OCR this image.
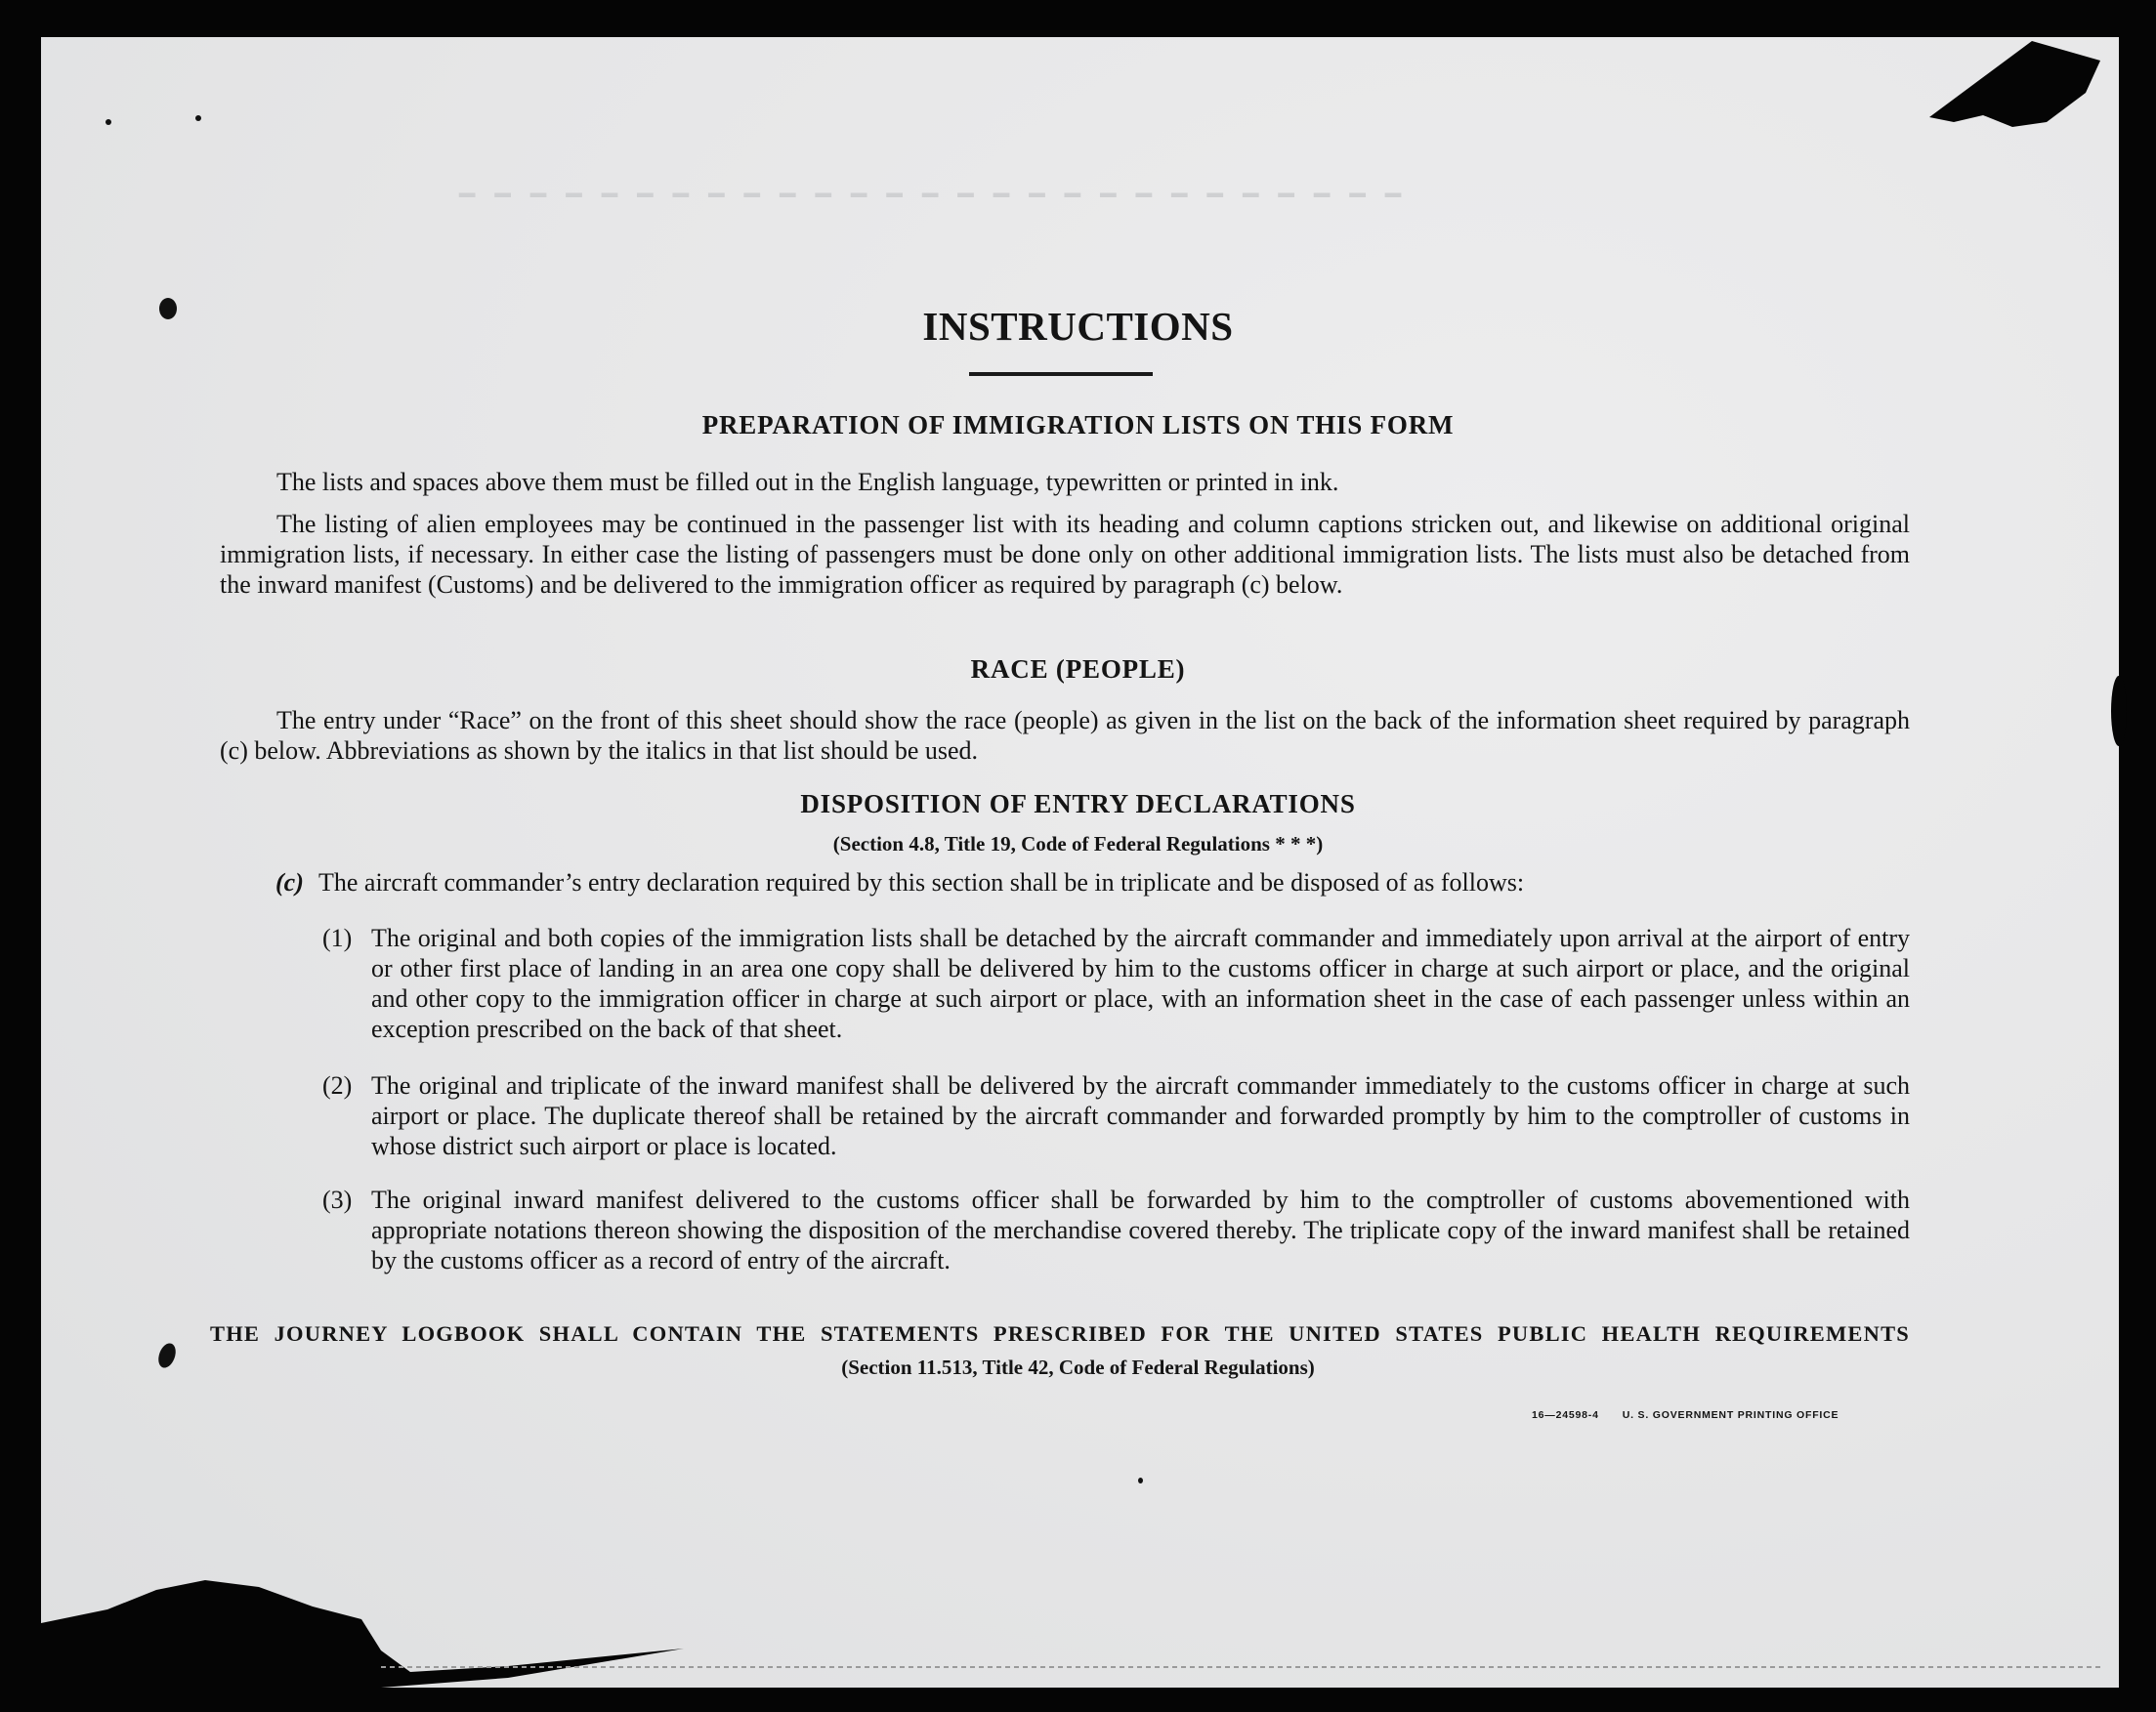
━ ━ ━ ━ ━ ━ ━ ━ ━ ━ ━ ━ ━ ━ ━ ━ ━ ━ ━ ━ ━ ━ ━ ━ ━ ━ ━
INSTRUCTIONS
PREPARATION OF IMMIGRATION LISTS ON THIS FORM
The lists and spaces above them must be filled out in the English language, typewritten or printed in ink.
The listing of alien employees may be continued in the passenger list with its heading and column captions stricken out, and likewise on additional original immigration lists, if necessary. In either case the listing of passengers must be done only on other additional immigration lists. The lists must also be detached from the inward manifest (Customs) and be delivered to the immigration officer as required by paragraph (c) below.
RACE (PEOPLE)
The entry under “Race” on the front of this sheet should show the race (people) as given in the list on the back of the information sheet required by paragraph (c) below. Abbreviations as shown by the italics in that list should be used.
DISPOSITION OF ENTRY DECLARATIONS
(Section 4.8, Title 19, Code of Federal Regulations * * *)
(c) The aircraft commander’s entry declaration required by this section shall be in triplicate and be disposed of as follows:
(1) The original and both copies of the immigration lists shall be detached by the aircraft commander and immediately upon arrival at the airport of entry or other first place of landing in an area one copy shall be delivered by him to the customs officer in charge at such airport or place, and the original and other copy to the immigration officer in charge at such airport or place, with an information sheet in the case of each passenger unless within an exception prescribed on the back of that sheet.
(2) The original and triplicate of the inward manifest shall be delivered by the aircraft commander immediately to the customs officer in charge at such airport or place. The duplicate thereof shall be retained by the aircraft commander and forwarded promptly by him to the comptroller of customs in whose district such airport or place is located.
(3) The original inward manifest delivered to the customs officer shall be forwarded by him to the comptroller of customs abovementioned with appropriate notations thereon showing the disposition of the merchandise covered thereby. The triplicate copy of the inward manifest shall be retained by the customs officer as a record of entry of the aircraft.
THE JOURNEY LOGBOOK SHALL CONTAIN THE STATEMENTS PRESCRIBED FOR THE UNITED STATES PUBLIC HEALTH REQUIREMENTS
(Section 11.513, Title 42, Code of Federal Regulations)
16—24598-4 U. S. GOVERNMENT PRINTING OFFICE
